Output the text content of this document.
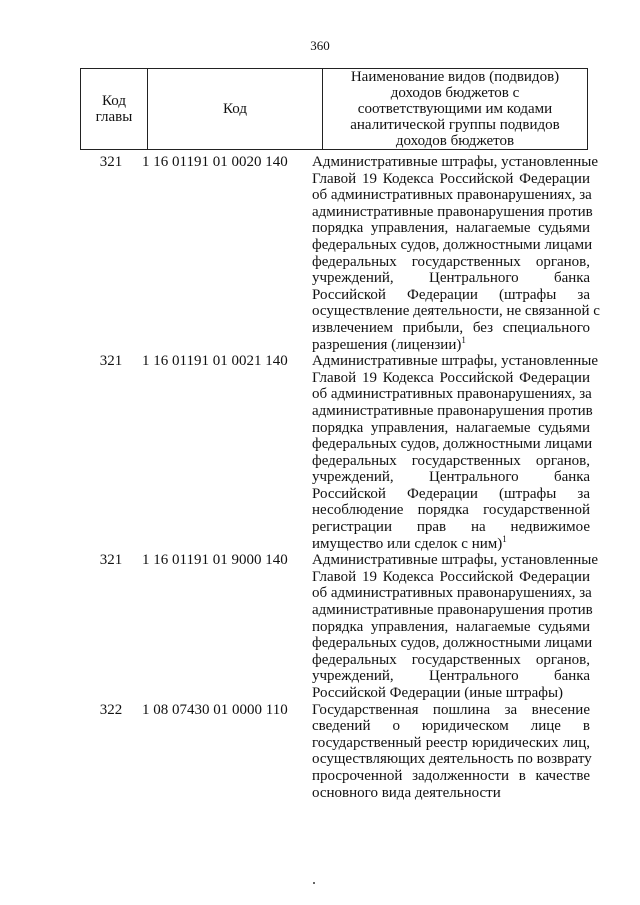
360
Код главы	Код	Наименование видов (подвидов) доходов бюджетов с соответствующими им кодами аналитической группы подвидов доходов бюджетов
321	1 16 01191 01 0020 140	Административные штрафы, установленные
Главой 19 Кодекса Российской Федерации
об административных правонарушениях, за
административные правонарушения против
порядка управления, налагаемые судьями
федеральных судов, должностными лицами
федеральных государственных органов,
учреждений, Центрального банка
Российской Федерации (штрафы за
осуществление деятельности, не связанной с
извлечением прибыли, без специального
разрешения (лицензии)$^1$
321	1 16 01191 01 0021 140	Административные штрафы, установленные
Главой 19 Кодекса Российской Федерации
об административных правонарушениях, за
административные правонарушения против
порядка управления, налагаемые судьями
федеральных судов, должностными лицами
федеральных государственных органов,
учреждений, Центрального банка
Российской Федерации (штрафы за
несоблюдение порядка государственной
регистрации прав на недвижимое
имущество или сделок с ним)$^1$
321	1 16 01191 01 9000 140	Административные штрафы, установленные
Главой 19 Кодекса Российской Федерации
об административных правонарушениях, за
административные правонарушения против
порядка управления, налагаемые судьями
федеральных судов, должностными лицами
федеральных государственных органов,
учреждений, Центрального банка
Российской Федерации (иные штрафы)
322	1 08 07430 01 0000 110	Государственная пошлина за внесение
сведений о юридическом лице в
государственный реестр юридических лиц,
осуществляющих деятельность по возврату
просроченной задолженности в качестве
основного вида деятельности
